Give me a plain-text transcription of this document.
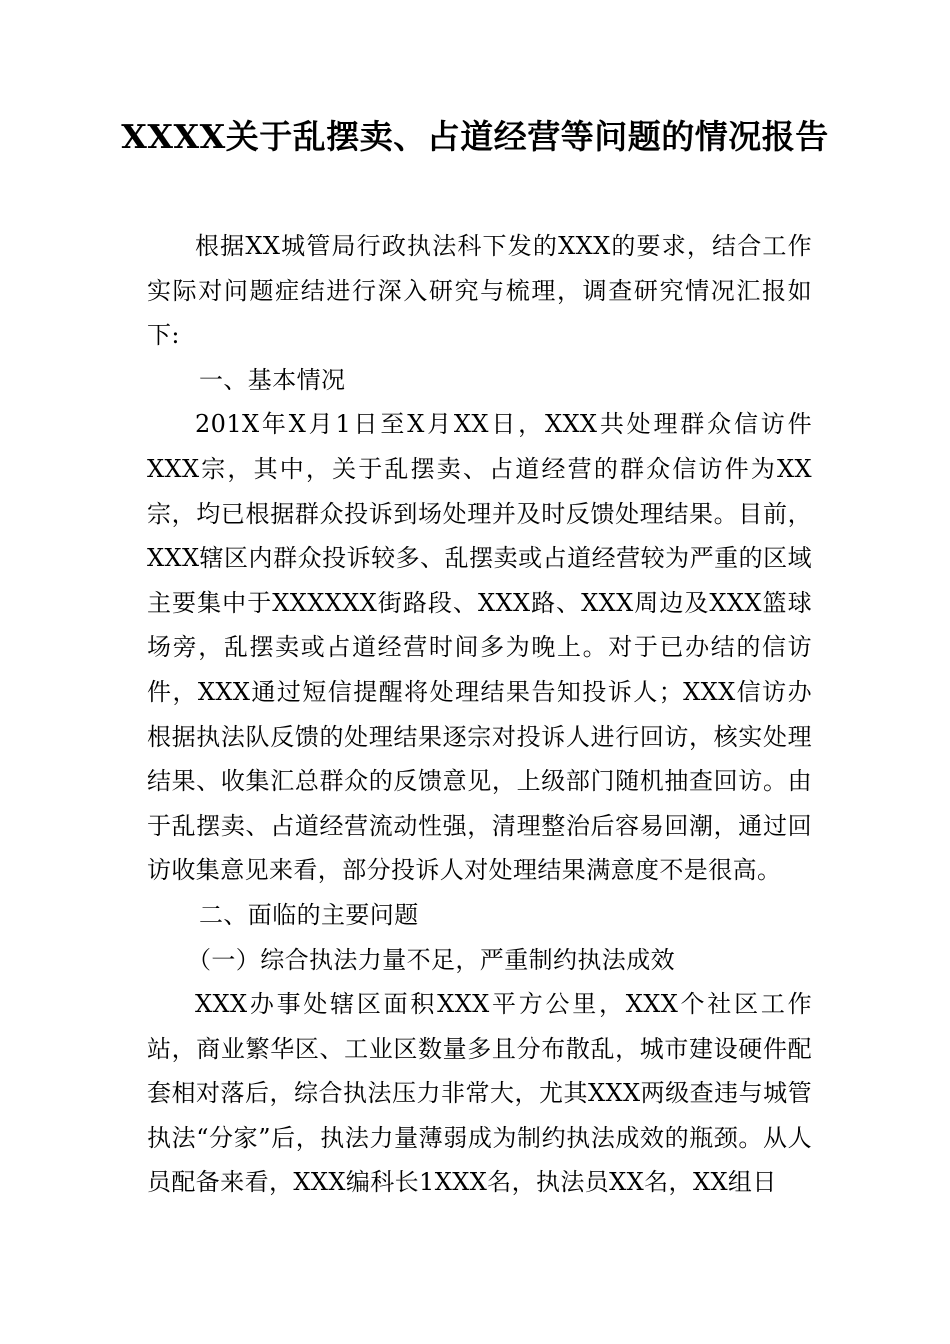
XXXX关于乱摆卖、占道经营等问题的情况报告

根据XX城管局行政执法科下发的XXX的要求，结合工作实际对问题症结进行深入研究与梳理，调查研究情况汇报如下:

一、基本情况

201X年X月1日至X月XX日，XXX共处理群众信访件XXX宗，其中，关于乱摆卖、占道经营的群众信访件为XX宗，均已根据群众投诉到场处理并及时反馈处理结果。目前，XXX辖区内群众投诉较多、乱摆卖或占道经营较为严重的区域主要集中于XXXXXX街路段、XXX路、XXX周边及XXX篮球场旁，乱摆卖或占道经营时间多为晚上。对于已办结的信访件，XXX通过短信提醒将处理结果告知投诉人；XXX信访办根据执法队反馈的处理结果逐宗对投诉人进行回访，核实处理结果、收集汇总群众的反馈意见，上级部门随机抽查回访。由于乱摆卖、占道经营流动性强，清理整治后容易回潮，通过回访收集意见来看，部分投诉人对处理结果满意度不是很高。

二、面临的主要问题

（一）综合执法力量不足，严重制约执法成效

XXX办事处辖区面积XXX平方公里，XXX个社区工作站，商业繁华区、工业区数量多且分布散乱，城市建设硬件配套相对落后，综合执法压力非常大，尤其XXX两级查违与城管执法“分家”后，执法力量薄弱成为制约执法成效的瓶颈。从人员配备来看，XXX编科长1XXX名，执法员XX名，XX组日
